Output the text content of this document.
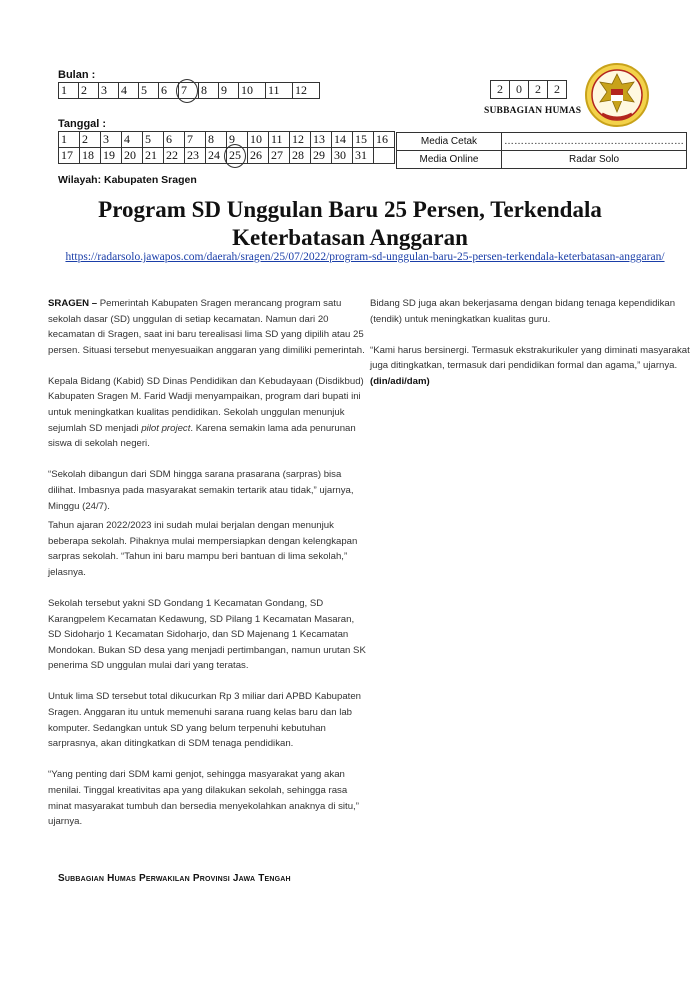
Bulan :
1	2	3	4	5	6	7	8	9	10	11	12
Tanggal :
1	2	3	4	5	6	7	8	9	10	11	12	13	14	15	16
17	18	19	20	21	22	23	24	25	26	27	28	29	30	31	
2	0	2	2
SUBBAGIAN HUMAS
Media Cetak	………………………………………………
Media Online	Radar Solo
Wilayah: Kabupaten Sragen
Program SD Unggulan Baru 25 Persen, Terkendala Keterbatasan Anggaran
https://radarsolo.jawapos.com/daerah/sragen/25/07/2022/program-sd-unggulan-baru-25-persen-terkendala-keterbatasan-anggaran/

SRAGEN – Pemerintah Kabupaten Sragen merancang program satu sekolah dasar (SD) unggulan di setiap kecamatan. Namun dari 20 kecamatan di Sragen, saat ini baru terealisasi lima SD yang dipilih atau 25 persen. Situasi tersebut menyesuaikan anggaran yang dimiliki pemerintah.

Kepala Bidang (Kabid) SD Dinas Pendidikan dan Kebudayaan (Disdikbud) Kabupaten Sragen M. Farid Wadji menyampaikan, program dari bupati ini untuk meningkatkan kualitas pendidikan. Sekolah unggulan menunjuk sejumlah SD menjadi pilot project. Karena semakin lama ada penurunan siswa di sekolah negeri.

“Sekolah dibangun dari SDM hingga sarana prasarana (sarpras) bisa dilihat. Imbasnya pada masyarakat semakin tertarik atau tidak,” ujarnya, Minggu (24/7).

Tahun ajaran 2022/2023 ini sudah mulai berjalan dengan menunjuk beberapa sekolah. Pihaknya mulai mempersiapkan dengan kelengkapan sarpras sekolah. “Tahun ini baru mampu beri bantuan di lima sekolah,” jelasnya.

Sekolah tersebut yakni SD Gondang 1 Kecamatan Gondang, SD Karangpelem Kecamatan Kedawung, SD Pilang 1 Kecamatan Masaran, SD Sidoharjo 1 Kecamatan Sidoharjo, dan SD Majenang 1 Kecamatan Mondokan. Bukan SD desa yang menjadi pertimbangan, namun urutan SK penerima SD unggulan mulai dari yang teratas.

Untuk lima SD tersebut total dikucurkan Rp 3 miliar dari APBD Kabupaten Sragen. Anggaran itu untuk memenuhi sarana ruang kelas baru dan lab komputer. Sedangkan untuk SD yang belum terpenuhi kebutuhan sarprasnya, akan ditingkatkan di SDM tenaga pendidikan.

“Yang penting dari SDM kami genjot, sehingga masyarakat yang akan menilai. Tinggal kreativitas apa yang dilakukan sekolah, sehingga rasa minat masyarakat tumbuh dan bersedia menyekolahkan anaknya di situ,” ujarnya.

Bidang SD juga akan bekerjasama dengan bidang tenaga kependidikan (tendik) untuk meningkatkan kualitas guru.

“Kami harus bersinergi. Termasuk ekstrakurikuler yang diminati masyarakat juga ditingkatkan, termasuk dari pendidikan formal dan agama,” ujarnya.

(din/adi/dam)
Subbagian Humas Perwakilan Provinsi Jawa Tengah
